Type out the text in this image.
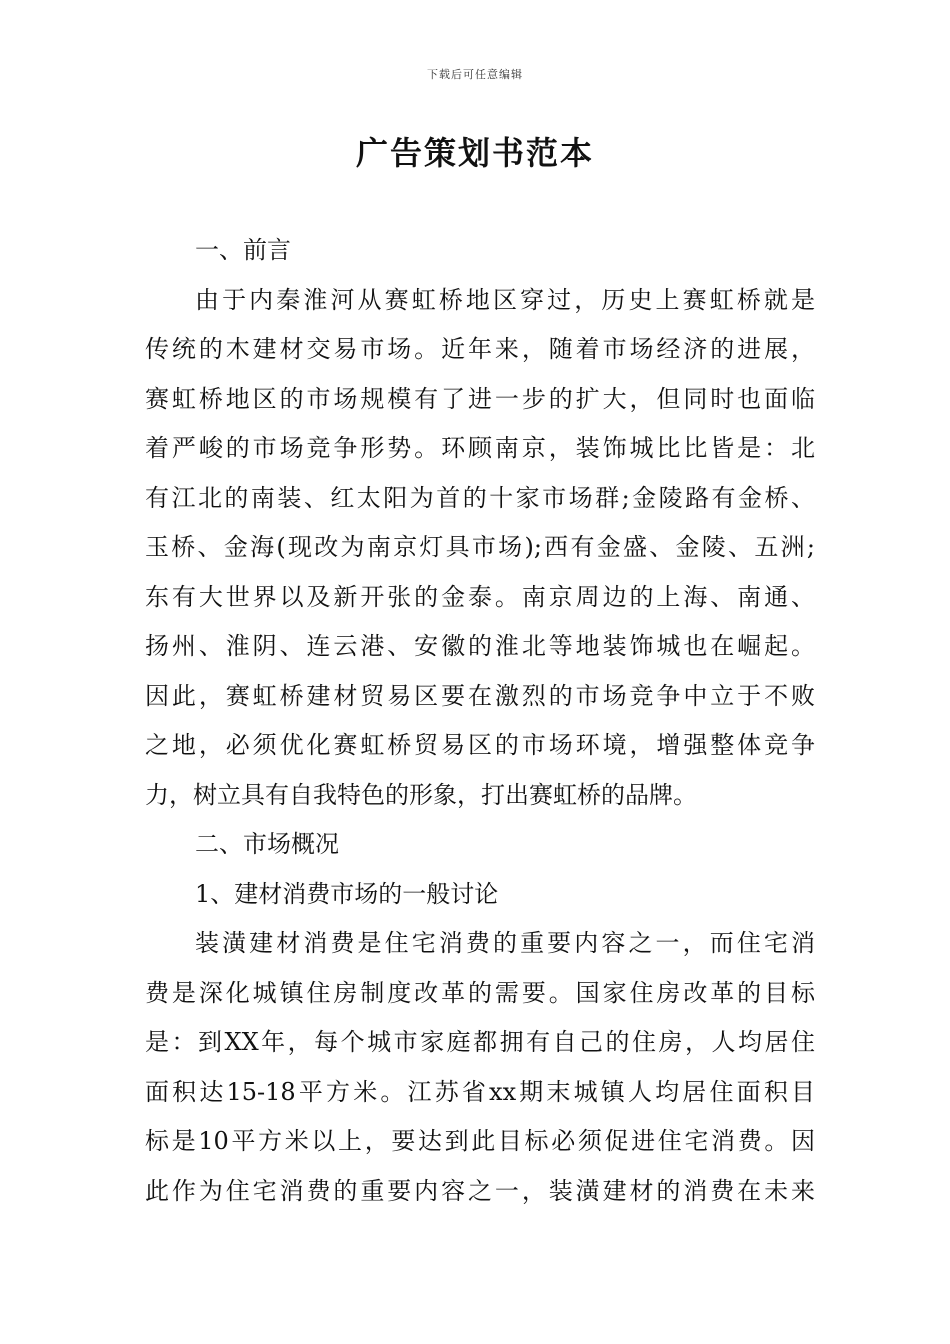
下载后可任意编辑
广告策划书范本

一、前言

由于内秦淮河从赛虹桥地区穿过，历史上赛虹桥就是
传统的木建材交易市场。近年来，随着市场经济的进展，
赛虹桥地区的市场规模有了进一步的扩大，但同时也面临
着严峻的市场竞争形势。环顾南京，装饰城比比皆是：北
有江北的南装、红太阳为首的十家市场群;金陵路有金桥、
玉桥、金海(现改为南京灯具市场);西有金盛、金陵、五洲;
东有大世界以及新开张的金泰。南京周边的上海、南通、
扬州、淮阴、连云港、安徽的淮北等地装饰城也在崛起。
因此，赛虹桥建材贸易区要在激烈的市场竞争中立于不败
之地，必须优化赛虹桥贸易区的市场环境，增强整体竞争
力，树立具有自我特色的形象，打出赛虹桥的品牌。

二、市场概况

1、建材消费市场的一般讨论

装潢建材消费是住宅消费的重要内容之一，而住宅消
费是深化城镇住房制度改革的需要。国家住房改革的目标
是：到XX年，每个城市家庭都拥有自己的住房，人均居住
面积达15-18平方米。江苏省xx期末城镇人均居住面积目
标是10平方米以上，要达到此目标必须促进住宅消费。因
此作为住宅消费的重要内容之一，装潢建材的消费在未来
